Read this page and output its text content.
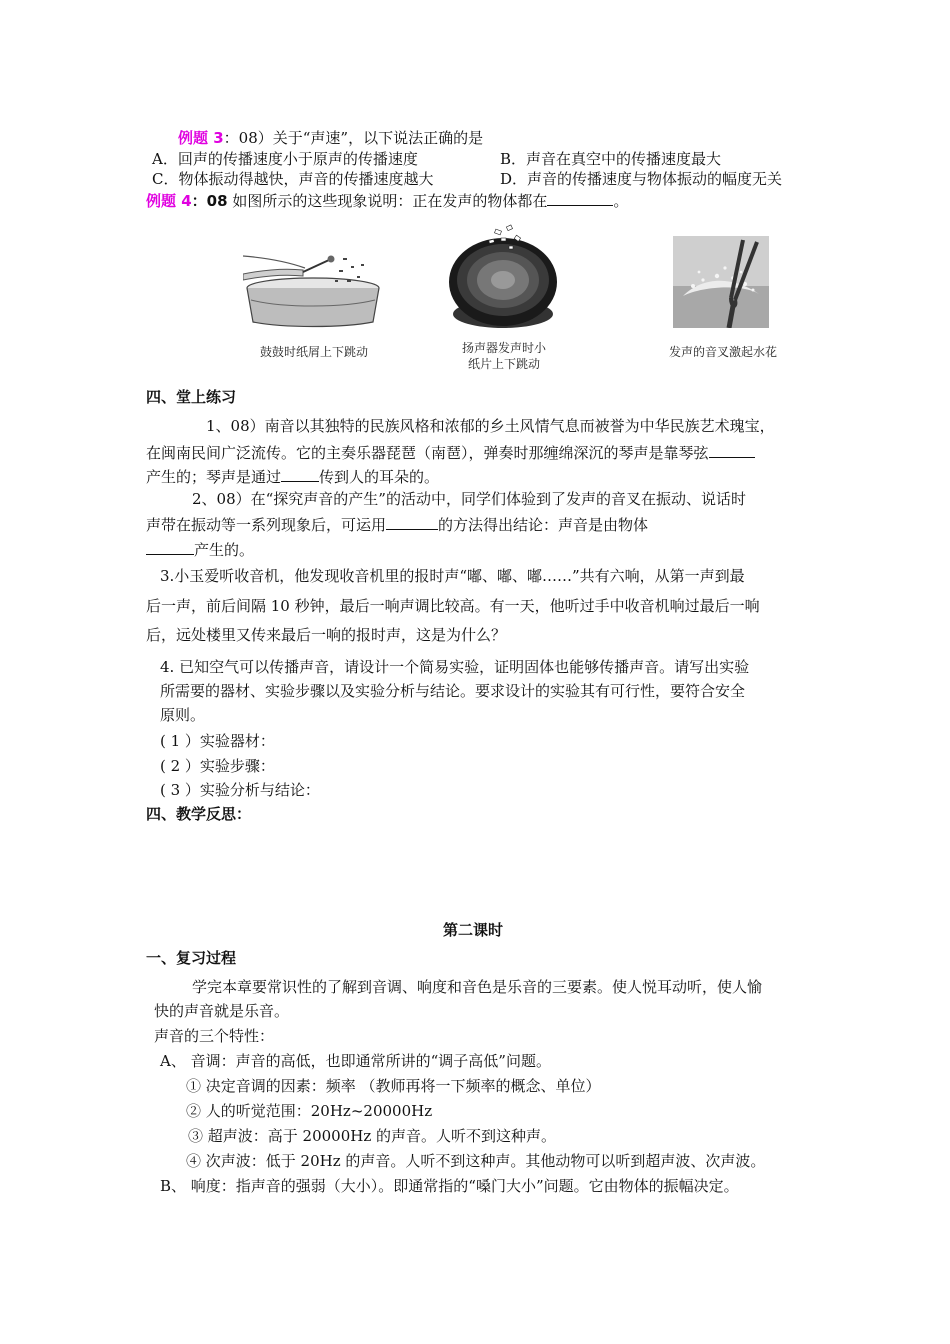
例题 3：08）关于“声速”，以下说法正确的是
A．回声的传播速度小于原声的传播速度	B．声音在真空中的传播速度最大
C．物体振动得越快，声音的传播速度越大	D．声音的传播速度与物体振动的幅度无关
例题 4：08 如图所示的这些现象说明：正在发声的物体都在	。
鼓鼓时纸屑上下跳动	扬声器发声时小
纸片上下跳动
发声的音叉激起水花
四、堂上练习
1、08）南音以其独特的民族风格和浓郁的乡土风情气息而被誉为中华民族艺术瑰宝，
在闽南民间广泛流传。它的主奏乐器琵琶（南琶），弹奏时那缠绵深沉的琴声是靠琴弦
产生的；琴声是通过	传到人的耳朵的。
2、08）在“探究声音的产生”的活动中，同学们体验到了发声的音叉在振动、说话时
声带在振动等一系列现象后，可运用	的方法得出结论：声音是由物体
产生的。
3.小玉爱听收音机，他发现收音机里的报时声“嘟、嘟、嘟……”共有六响，从第一声到最
后一声，前后间隔 10 秒钟，最后一响声调比较高。有一天，他听过手中收音机响过最后一响
后，远处楼里又传来最后一响的报时声，这是为什么？
4. 已知空气可以传播声音，请设计一个简易实验，证明固体也能够传播声音。请写出实验
所需要的器材、实验步骤以及实验分析与结论。要求设计的实验其有可行性，要符合安全
原则。
( 1 ）实验器材：
( 2 ）实验步骤：
( 3 ）实验分析与结论：
四、教学反思：
第二课时
一、复习过程
学完本章要常识性的了解到音调、响度和音色是乐音的三要素。使人悦耳动听，使人愉
快的声音就是乐音。
声音的三个特性：
A、 音调：声音的高低，也即通常所讲的“调子高低”问题。
① 决定音调的因素：频率 （教师再将一下频率的概念、单位）
② 人的听觉范围：20Hz~20000Hz
③ 超声波：高于 20000Hz 的声音。人听不到这种声。
④ 次声波：低于 20Hz 的声音。人听不到这种声。其他动物可以听到超声波、次声波。
B、 响度：指声音的强弱（大小）。即通常指的“嗓门大小”问题。它由物体的振幅决定。
